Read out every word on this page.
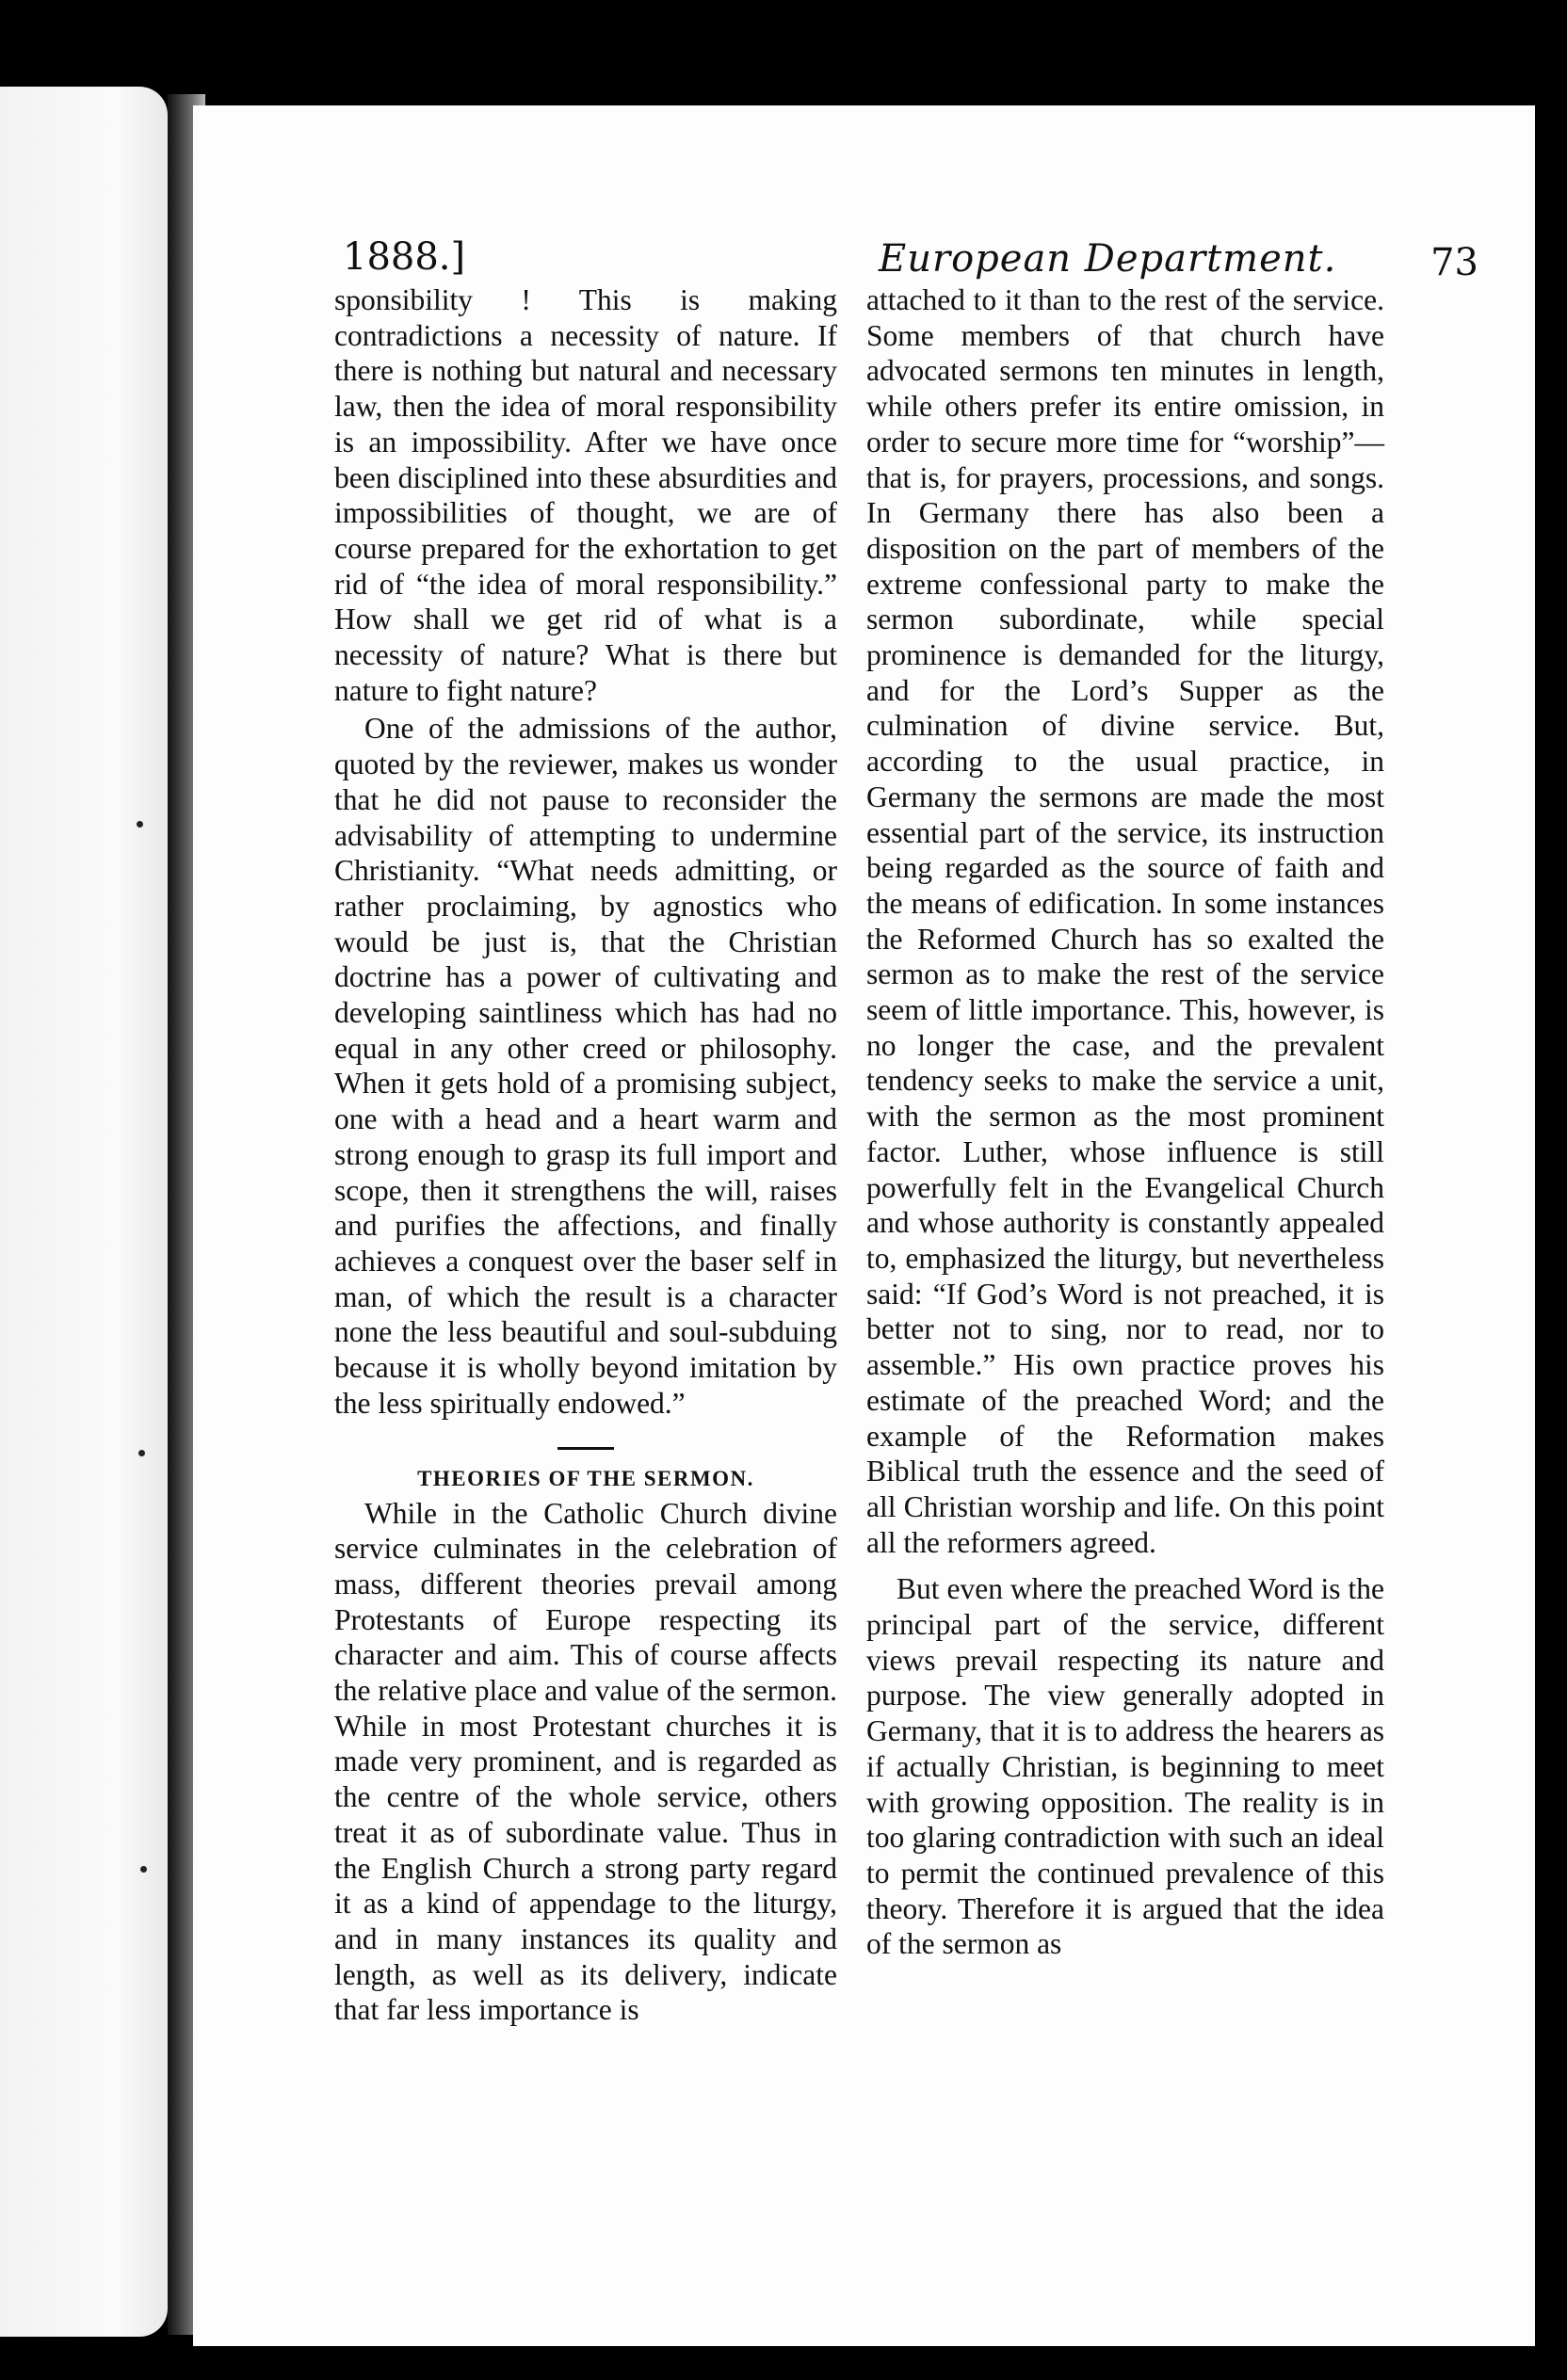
1888.]	European Department. 73

sponsibility ! This is making contradictions a necessity of nature. If there is nothing but natural and necessary law, then the idea of moral responsibility is an impossibility. After we have once been disciplined into these absurdities and impossibilities of thought, we are of course prepared for the exhortation to get rid of “the idea of moral responsibility.” How shall we get rid of what is a necessity of nature? What is there but nature to fight nature?

One of the admissions of the author, quoted by the reviewer, makes us wonder that he did not pause to reconsider the advisability of attempting to undermine Christianity. “What needs admitting, or rather proclaiming, by agnostics who would be just is, that the Christian doctrine has a power of cultivating and developing saintliness which has had no equal in any other creed or philosophy. When it gets hold of a promising subject, one with a head and a heart warm and strong enough to grasp its full import and scope, then it strengthens the will, raises and purifies the affections, and finally achieves a conquest over the baser self in man, of which the result is a character none the less beautiful and soul-subduing because it is wholly beyond imitation by the less spiritually endowed.”

THEORIES OF THE SERMON.

While in the Catholic Church divine service culminates in the celebration of mass, different theories prevail among Protestants of Europe respecting its character and aim. This of course affects the relative place and value of the sermon. While in most Protestant churches it is made very prominent, and is regarded as the centre of the whole service, others treat it as of subordinate value. Thus in the English Church a strong party regard it as a kind of appendage to the liturgy, and in many instances its quality and length, as well as its delivery, indicate that far less importance is

attached to it than to the rest of the service. Some members of that church have advocated sermons ten minutes in length, while others prefer its entire omission, in order to secure more time for “worship”—that is, for prayers, processions, and songs. In Germany there has also been a disposition on the part of members of the extreme confessional party to make the sermon subordinate, while special prominence is demanded for the liturgy, and for the Lord’s Supper as the culmination of divine service. But, according to the usual practice, in Germany the sermons are made the most essential part of the service, its instruction being regarded as the source of faith and the means of edification. In some instances the Reformed Church has so exalted the sermon as to make the rest of the service seem of little importance. This, however, is no longer the case, and the prevalent tendency seeks to make the service a unit, with the sermon as the most prominent factor. Luther, whose influence is still powerfully felt in the Evangelical Church and whose authority is constantly appealed to, emphasized the liturgy, but nevertheless said: “If God’s Word is not preached, it is better not to sing, nor to read, nor to assemble.” His own practice proves his estimate of the preached Word; and the example of the Reformation makes Biblical truth the essence and the seed of all Christian worship and life. On this point all the reformers agreed.

But even where the preached Word is the principal part of the service, different views prevail respecting its nature and purpose. The view generally adopted in Germany, that it is to address the hearers as if actually Christian, is beginning to meet with growing opposition. The reality is in too glaring contradiction with such an ideal to permit the continued prevalence of this theory. Therefore it is argued that the idea of the sermon as
